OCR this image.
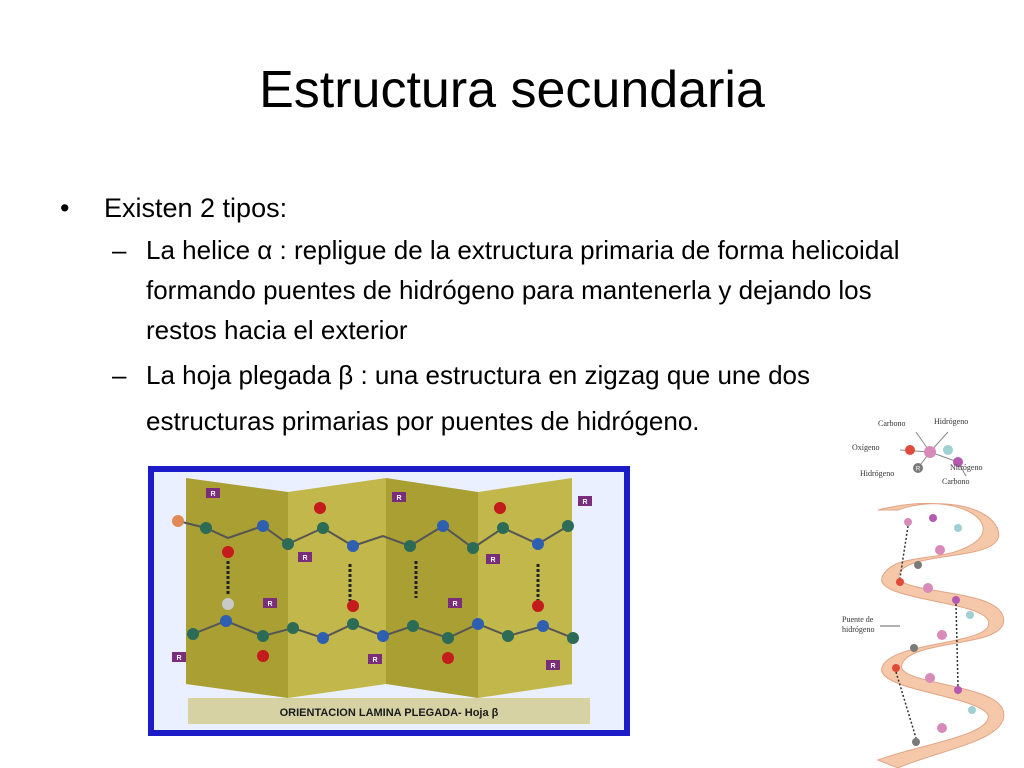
Estructura secundaria
•	Existen 2 tipos:
– La helice α : repligue de la extructura primaria de forma helicoidal formando puentes de hidrógeno para mantenerla y dejando los restos hacia el exterior
– La hoja plegada β : una estructura en zigzag que une dos estructuras primarias por puentes de hidrógeno.
R
R
R
R
R
R
R	R
R
R
ORIENTACION LAMINA PLEGADA- Hoja β
R
Carbono	Hidrógeno
Oxígeno
Hidrógeno
Nitrógeno
Carbono
Puente de
hidrógeno
